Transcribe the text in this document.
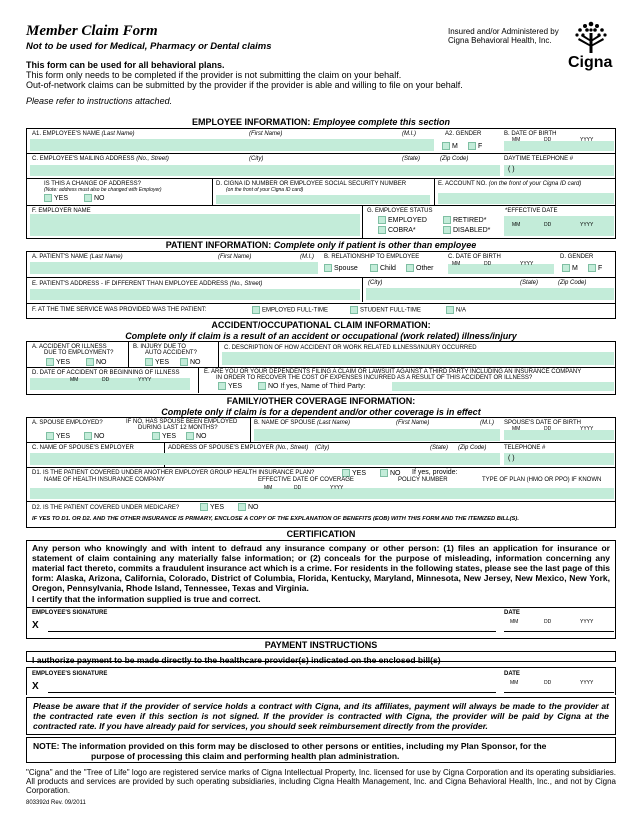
Member Claim Form
Not to be used for Medical, Pharmacy or Dental claims
Insured and/or Administered by Cigna Behavioral Health, Inc.
Cigna
This form can be used for all behavioral plans.
This form only needs to be completed if the provider is not submitting the claim on your behalf.
Out-of-network claims can be submitted by the provider if the provider is able and willing to file on your behalf.
Please refer to instructions attached.
EMPLOYEE INFORMATION: Employee complete this section
A1. EMPLOYEE'S NAME (Last Name)	(First Name)	(M.I.)	A2. GENDER	B. DATE OF BIRTH
M	F
MM	DD	YYYY
C. EMPLOYEE'S MAILING ADDRESS (No., Street)	(City)	(State)	(Zip Code)	DAYTIME TELEPHONE #
( )
IS THIS A CHANGE OF ADDRESS?
(Note: address must also be changed with Employer)
YES	NO
D. CIGNA ID NUMBER OR EMPLOYEE SOCIAL SECURITY NUMBER
(on the front of your Cigna ID card)
E. ACCOUNT NO. (on the front of your Cigna ID card)
F. EMPLOYER NAME	G. EMPLOYEE STATUS
EMPLOYED	RETIRED*
COBRA*	DISABLED*
*EFFECTIVE DATE
MM	DD	YYYY
PATIENT INFORMATION: Complete only if patient is other than employee
A. PATIENT'S NAME (Last Name)	(First Name)	(M.I.) B. RELATIONSHIP TO EMPLOYEE	C. DATE OF BIRTH	D. GENDER
Spouse	Child	Other
MM	DD	YYYY
M	F
E. PATIENT'S ADDRESS - IF DIFFERENT THAN EMPLOYEE ADDRESS (No., Street)	(City)	(State)	(Zip Code)
F. AT THE TIME SERVICE WAS PROVIDED WAS THE PATIENT:	EMPLOYED FULL-TIME	STUDENT FULL-TIME	N/A
ACCIDENT/OCCUPATIONAL CLAIM INFORMATION:
Complete only if claim is a result of an accident or occupational (work related) illness/injury
A. ACCIDENT OR ILLNESS
DUE TO EMPLOYMENT?
YES	NO
B. INJURY DUE TO
AUTO ACCIDENT?
YES	NO
C. DESCRIPTION OF HOW ACCIDENT OR WORK RELATED ILLNESS/INJURY OCCURRED
D. DATE OF ACCIDENT OR BEGINNING OF ILLNESS
MM	DD	YYYY
E. ARE YOU OR YOUR DEPENDENTS FILING A CLAIM OR LAWSUIT AGAINST A THIRD PARTY INCLUDING AN INSURANCE COMPANY
IN ORDER TO RECOVER THE COST OF EXPENSES INCURRED AS A RESULT OF THIS ACCIDENT OR ILLNESS?
YES	NO If yes, Name of Third Party:
FAMILY/OTHER COVERAGE INFORMATION:
Complete only if claim is for a dependent and/or other coverage is in effect
A. SPOUSE EMPLOYED?	IF NO, HAS SPOUSE BEEN EMPLOYED
DURING LAST 12 MONTHS?
YES	NO	YES	NO
B. NAME OF SPOUSE (Last Name)	(First Name)	(M.I.) SPOUSE'S DATE OF BIRTH
MM	DD	YYYY
C. NAME OF SPOUSE'S EMPLOYER	ADDRESS OF SPOUSE'S EMPLOYER (No., Street) (City)	(State) (Zip Code)	TELEPHONE #
( )
D1. IS THE PATIENT COVERED UNDER ANOTHER EMPLOYER GROUP HEALTH INSURANCE PLAN?	YES	NO If yes, provide:
NAME OF HEALTH INSURANCE COMPANY	EFFECTIVE DATE OF COVERAGE	POLICY NUMBER	TYPE OF PLAN (HMO OR PPO) IF KNOWN
MM	DD	YYYY
D2. IS THE PATIENT COVERED UNDER MEDICARE?	YES	NO
IF YES TO D1. OR D2. AND THE OTHER INSURANCE IS PRIMARY, ENCLOSE A COPY OF THE EXPLANATION OF BENEFITS (EOB) WITH THIS FORM AND THE ITEMIZED BILL(S).
CERTIFICATION
Any person who knowingly and with intent to defraud any insurance company or other person: (1) files an application for insurance or statement of claim containing any materially false information; or (2) conceals for the purpose of misleading, information concerning any material fact thereto, commits a fraudulent insurance act which is a crime. For residents in the following states, please see the last page of this form: Alaska, Arizona, California, Colorado, District of Columbia, Florida, Kentucky, Maryland, Minnesota, New Jersey, New Mexico, New York, Oregon, Pennsylvania, Rhode Island, Tennessee, Texas and Virginia.
I certify that the information supplied is true and correct.
EMPLOYEE'S SIGNATURE
X
DATE
MM	DD	YYYY
PAYMENT INSTRUCTIONS
I authorize payment to be made directly to the healthcare provider(s) indicated on the enclosed bill(s)
EMPLOYEE'S SIGNATURE
X
DATE
MM	DD	YYYY
Please be aware that if the provider of service holds a contract with Cigna, and its affiliates, payment will always be made to the provider at the contracted rate even if this section is not signed. If the provider is contracted with Cigna, the provider will be paid by Cigna at the contracted rate. If you have already paid for services, you should seek reimbursement directly from the provider.
NOTE: The information provided on this form may be disclosed to other persons or entities, including my Plan Sponsor, for the
purpose of processing this claim and performing health plan administration.
"Cigna" and the "Tree of Life" logo are registered service marks of Cigna Intellectual Property, Inc. licensed for use by Cigna Corporation and its operating subsidiaries. All products and services are provided by such operating subsidiaries, including Cigna Health Management, Inc. and Cigna Behavioral Health, Inc., and not by Cigna Corporation.
803392d Rev. 09/2011
